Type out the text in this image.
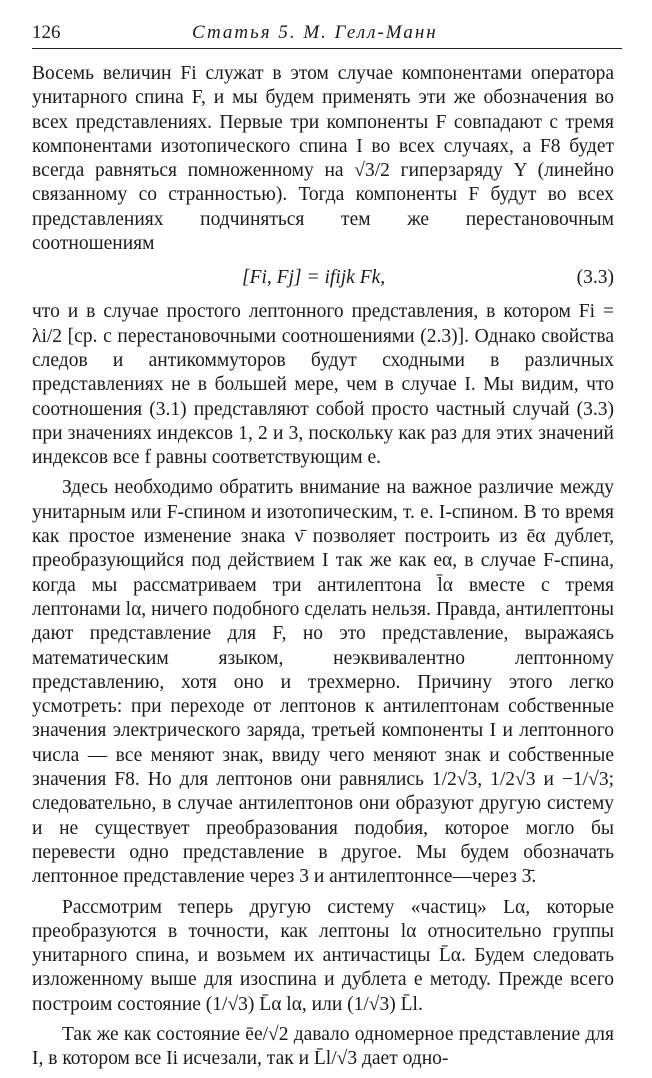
126	Статья 5. М. Гелл-Манн

Восемь величин Fi служат в этом случае компонентами оператора унитарного спина F, и мы будем применять эти же обозначения во всех представлениях. Первые три компоненты F совпадают с тремя компонентами изотопического спина I во всех случаях, а F8 будет всегда равняться помноженному на √3/2 гиперзаряду Y (линейно связанному со странностью). Тогда компоненты F будут во всех представлениях подчиняться тем же перестановочным соотношениям

[Fi, Fj] = ifijk Fk,	(3.3)

что и в случае простого лептонного представления, в котором Fi = λi/2 [ср. с перестановочными соотношениями (2.3)]. Однако свойства следов и антикоммуторов будут сходными в различных представлениях не в большей мере, чем в случае I. Мы видим, что соотношения (3.1) представляют собой просто частный случай (3.3) при значениях индексов 1, 2 и 3, поскольку как раз для этих значений индексов все f равны соответствующим e.

Здесь необходимо обратить внимание на важное различие между унитарным или F-спином и изотопическим, т. е. I-спином. В то время как простое изменение знака ν̄ позволяет построить из ēα дублет, преобразующийся под действием I так же как eα, в случае F-спина, когда мы рассматриваем три антилептона l̄α вместе с тремя лептонами lα, ничего подобного сделать нельзя. Правда, антилептоны дают представление для F, но это представление, выражаясь математическим языком, неэквивалентно лептонному представлению, хотя оно и трехмерно. Причину этого легко усмотреть: при переходе от лептонов к антилептонам собственные значения электрического заряда, третьей компоненты I и лептонного числа — все меняют знак, ввиду чего меняют знак и собственные значения F8. Но для лептонов они равнялись 1/2√3, 1/2√3 и −1/√3; следовательно, в случае антилептонов они образуют другую систему и не существует преобразования подобия, которое могло бы перевести одно представление в другое. Мы будем обозначать лептонное представление через 3 и антилептоннсе—через 3̄.

Рассмотрим теперь другую систему «частиц» Lα, которые преобразуются в точности, как лептоны lα относительно группы унитарного спина, и возьмем их античастицы L̄α. Будем следовать изложенному выше для изоспина и дублета e методу. Прежде всего построим состояние (1/√3) L̄α lα, или (1/√3) L̄l.

Так же как состояние ēe/√2 давало одномерное представление для I, в котором все Ii исчезали, так и L̄l/√3 дает одно-
